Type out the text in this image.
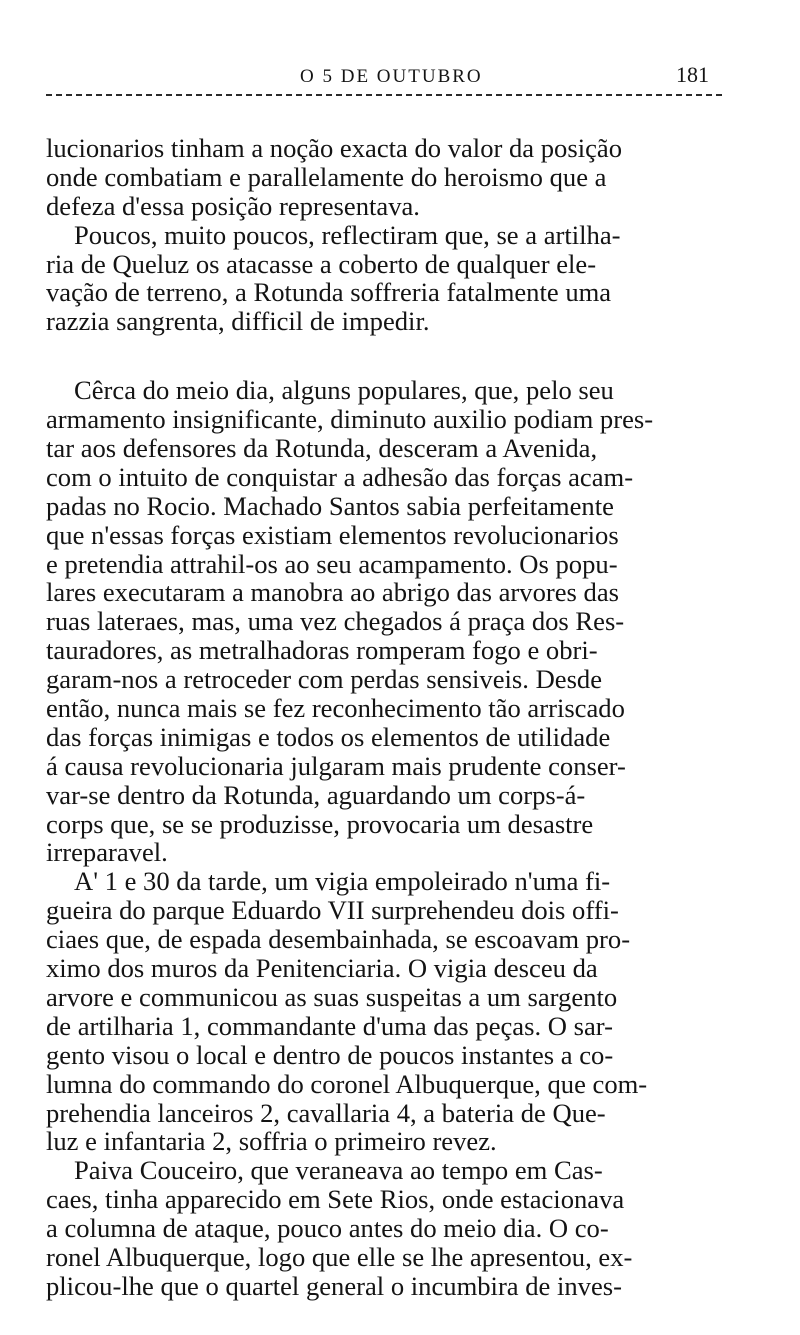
O 5 DE OUTUBRO	181
lucionarios tinham a noção exacta do valor da posição
onde combatiam e parallelamente do heroismo que a
defeza d'essa posição representava.
Poucos, muito poucos, reflectiram que, se a artilha-
ria de Queluz os atacasse a coberto de qualquer ele-
vação de terreno, a Rotunda soffreria fatalmente uma
razzia sangrenta, difficil de impedir.
Cêrca do meio dia, alguns populares, que, pelo seu
armamento insignificante, diminuto auxilio podiam pres-
tar aos defensores da Rotunda, desceram a Avenida,
com o intuito de conquistar a adhesão das forças acam-
padas no Rocio. Machado Santos sabia perfeitamente
que n'essas forças existiam elementos revolucionarios
e pretendia attrahil-os ao seu acampamento. Os popu-
lares executaram a manobra ao abrigo das arvores das
ruas lateraes, mas, uma vez chegados á praça dos Res-
tauradores, as metralhadoras romperam fogo e obri-
garam-nos a retroceder com perdas sensiveis. Desde
então, nunca mais se fez reconhecimento tão arriscado
das forças inimigas e todos os elementos de utilidade
á causa revolucionaria julgaram mais prudente conser-
var-se dentro da Rotunda, aguardando um corps-á-
corps que, se se produzisse, provocaria um desastre
irreparavel.
A' 1 e 30 da tarde, um vigia empoleirado n'uma fi-
gueira do parque Eduardo VII surprehendeu dois offi-
ciaes que, de espada desembainhada, se escoavam pro-
ximo dos muros da Penitenciaria. O vigia desceu da
arvore e communicou as suas suspeitas a um sargento
de artilharia 1, commandante d'uma das peças. O sar-
gento visou o local e dentro de poucos instantes a co-
lumna do commando do coronel Albuquerque, que com-
prehendia lanceiros 2, cavallaria 4, a bateria de Que-
luz e infantaria 2, soffria o primeiro revez.
Paiva Couceiro, que veraneava ao tempo em Cas-
caes, tinha apparecido em Sete Rios, onde estacionava
a columna de ataque, pouco antes do meio dia. O co-
ronel Albuquerque, logo que elle se lhe apresentou, ex-
plicou-lhe que o quartel general o incumbira de inves-
